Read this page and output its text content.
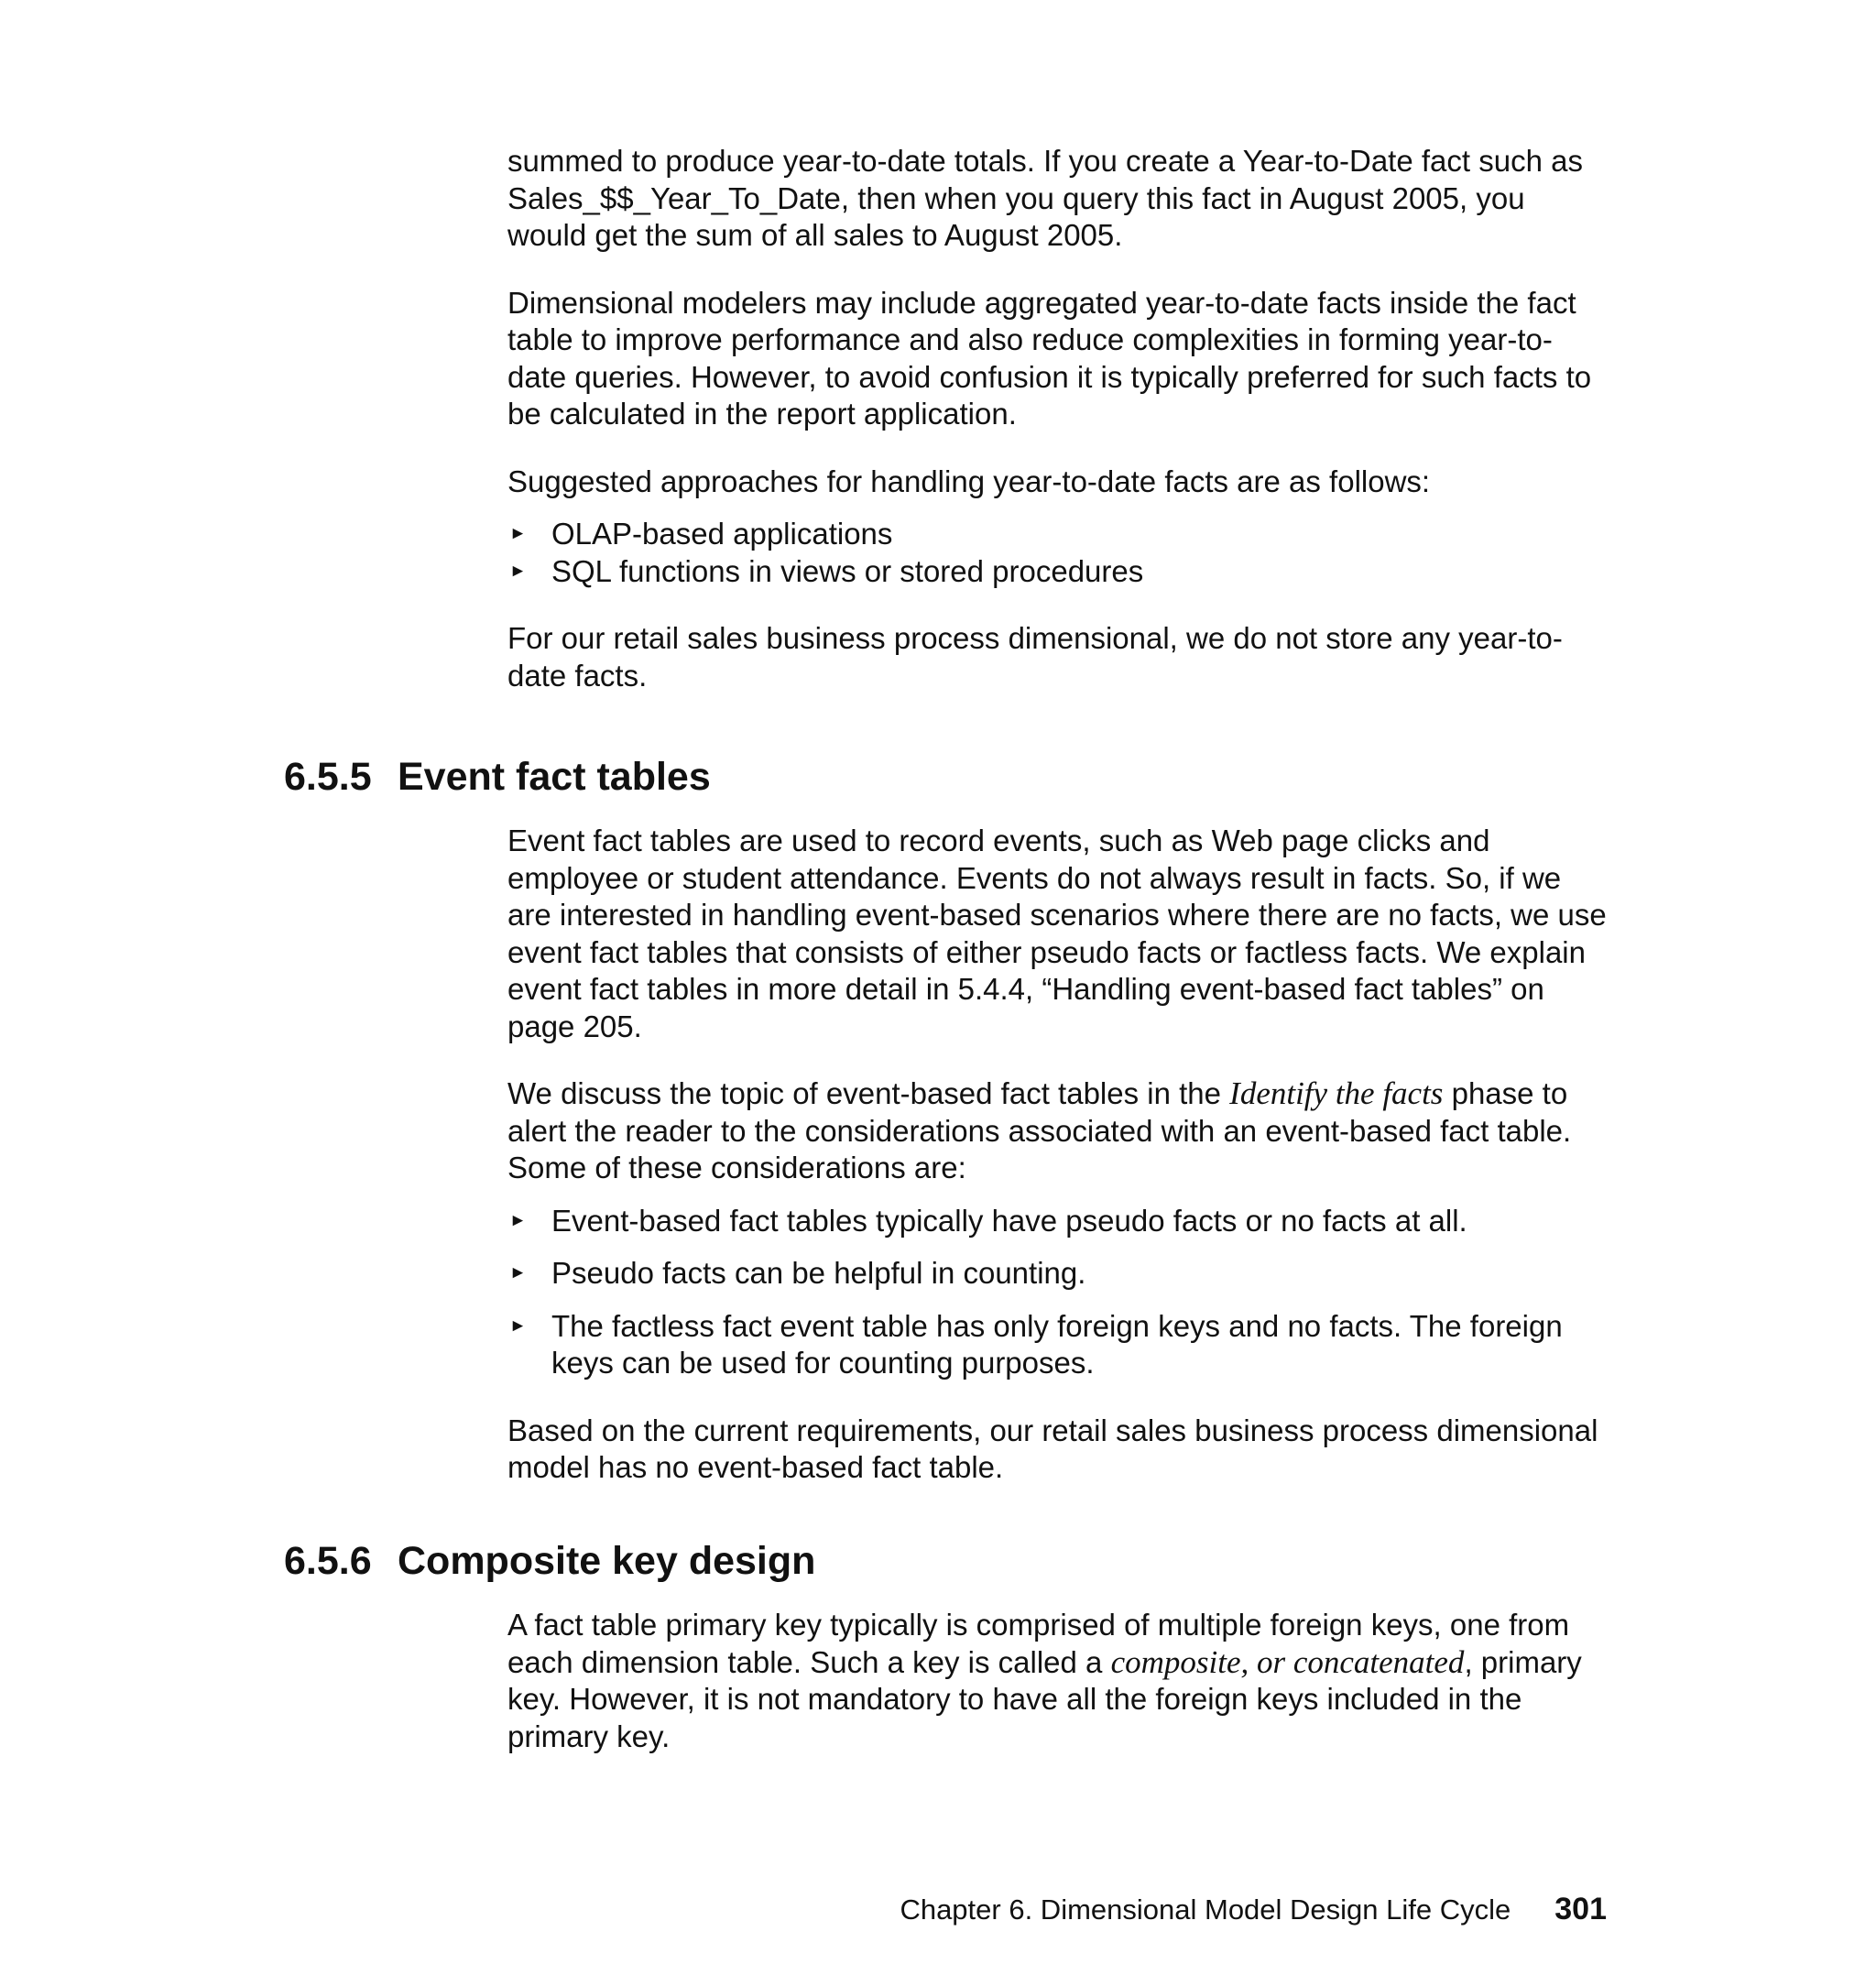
summed to produce year-to-date totals. If you create a Year-to-Date fact such as Sales_$$_Year_To_Date, then when you query this fact in August 2005, you would get the sum of all sales to August 2005.

Dimensional modelers may include aggregated year-to-date facts inside the fact table to improve performance and also reduce complexities in forming year-to-date queries. However, to avoid confusion it is typically preferred for such facts to be calculated in the report application.

Suggested approaches for handling year-to-date facts are as follows:

► OLAP-based applications
► SQL functions in views or stored procedures

For our retail sales business process dimensional, we do not store any year-to-date facts.

6.5.5 Event fact tables

Event fact tables are used to record events, such as Web page clicks and employee or student attendance. Events do not always result in facts. So, if we are interested in handling event-based scenarios where there are no facts, we use event fact tables that consists of either pseudo facts or factless facts. We explain event fact tables in more detail in 5.4.4, “Handling event-based fact tables” on page 205.

We discuss the topic of event-based fact tables in the Identify the facts phase to alert the reader to the considerations associated with an event-based fact table. Some of these considerations are:

► Event-based fact tables typically have pseudo facts or no facts at all.
► Pseudo facts can be helpful in counting.
► The factless fact event table has only foreign keys and no facts. The foreign keys can be used for counting purposes.

Based on the current requirements, our retail sales business process dimensional model has no event-based fact table.

6.5.6 Composite key design

A fact table primary key typically is comprised of multiple foreign keys, one from each dimension table. Such a key is called a composite, or concatenated, primary key. However, it is not mandatory to have all the foreign keys included in the primary key.

Chapter 6. Dimensional Model Design Life Cycle 301
